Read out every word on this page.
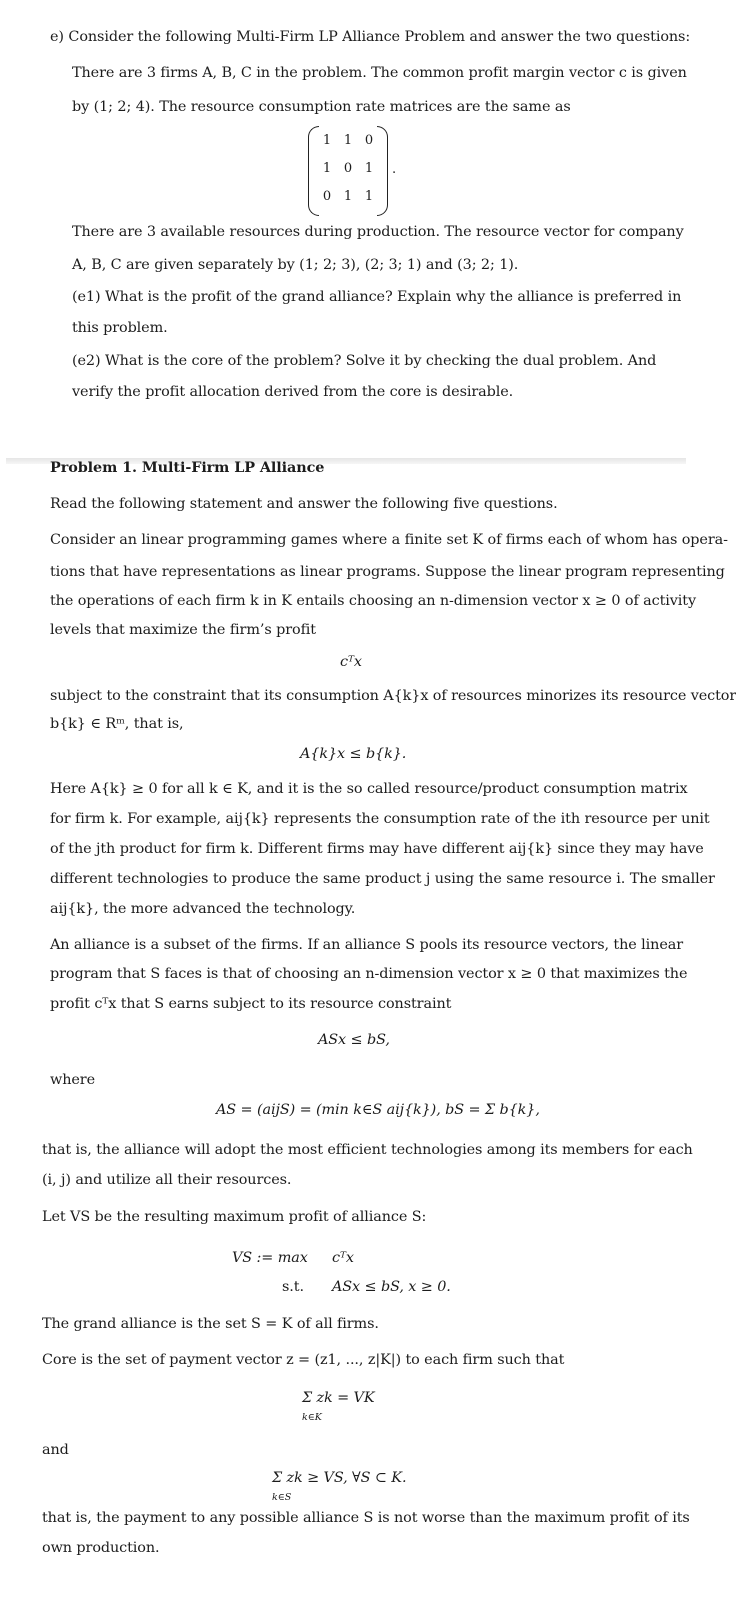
e) Consider the following Multi-Firm LP Alliance Problem and answer the two questions:
There are 3 firms A, B, C in the problem. The common profit margin vector c is given
by (1; 2; 4). The resource consumption rate matrices are the same as
1 1 0
1 0 1
0 1 1
.
There are 3 available resources during production. The resource vector for company
A, B, C are given separately by (1; 2; 3), (2; 3; 1) and (3; 2; 1).
(e1) What is the profit of the grand alliance? Explain why the alliance is preferred in
this problem.
(e2) What is the core of the problem? Solve it by checking the dual problem. And
verify the profit allocation derived from the core is desirable.
Problem 1. Multi-Firm LP Alliance
Read the following statement and answer the following five questions.
Consider an linear programming games where a finite set K of firms each of whom has opera-
tions that have representations as linear programs. Suppose the linear program representing
the operations of each firm k in K entails choosing an n-dimension vector x ≥ 0 of activity
levels that maximize the firm’s profit
cᵀx
subject to the constraint that its consumption A{k}x of resources minorizes its resource vector
b{k} ∈ Rᵐ, that is,
A{k}x ≤ b{k}.
Here A{k} ≥ 0 for all k ∈ K, and it is the so called resource/product consumption matrix
for firm k. For example, aij{k} represents the consumption rate of the ith resource per unit
of the jth product for firm k. Different firms may have different aij{k} since they may have
different technologies to produce the same product j using the same resource i. The smaller
aij{k}, the more advanced the technology.
An alliance is a subset of the firms. If an alliance S pools its resource vectors, the linear
program that S faces is that of choosing an n-dimension vector x ≥ 0 that maximizes the
profit cᵀx that S earns subject to its resource constraint
ASx ≤ bS,
where
AS = (aijS) = (min k∈S aij{k}), bS = Σ b{k},
that is, the alliance will adopt the most efficient technologies among its members for each
(i, j) and utilize all their resources.
Let VS be the resulting maximum profit of alliance S:
VS := max cᵀx
s.t. ASx ≤ bS, x ≥ 0.
The grand alliance is the set S = K of all firms.
Core is the set of payment vector z = (z1, ..., z|K|) to each firm such that
Σ zk = VK
k∈K
and
Σ zk ≥ VS, ∀S ⊂ K.
k∈S
that is, the payment to any possible alliance S is not worse than the maximum profit of its
own production.
